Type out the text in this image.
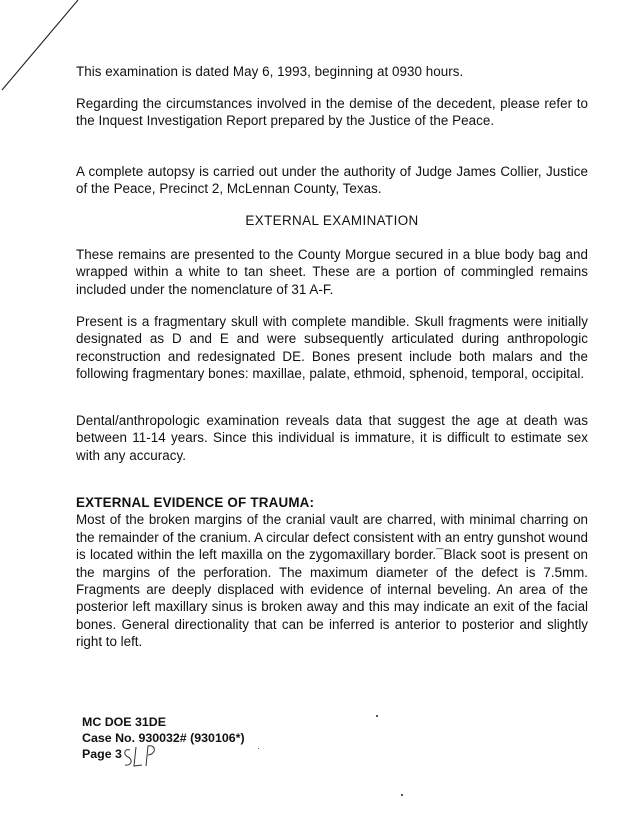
This examination is dated May 6, 1993, beginning at 0930 hours.
Regarding the circumstances involved in the demise of the decedent, please refer to the Inquest Investigation Report prepared by the Justice of the Peace.
A complete autopsy is carried out under the authority of Judge James Collier, Justice of the Peace, Precinct 2, McLennan County, Texas.
EXTERNAL EXAMINATION
These remains are presented to the County Morgue secured in a blue body bag and wrapped within a white to tan sheet. These are a portion of commingled remains included under the nomenclature of 31 A-F.
Present is a fragmentary skull with complete mandible. Skull fragments were initially designated as D and E and were subsequently articulated during anthropologic reconstruction and redesignated DE. Bones present include both malars and the following fragmentary bones: maxillae, palate, ethmoid, sphenoid, temporal, occipital.
Dental/anthropologic examination reveals data that suggest the age at death was between 11-14 years. Since this individual is immature, it is difficult to estimate sex with any accuracy.
EXTERNAL EVIDENCE OF TRAUMA:
Most of the broken margins of the cranial vault are charred, with minimal charring on the remainder of the cranium. A circular defect consistent with an entry gunshot wound is located within the left maxilla on the zygomaxillary border.¯Black soot is present on the margins of the perforation. The maximum diameter of the defect is 7.5mm. Fragments are deeply displaced with evidence of internal beveling. An area of the posterior left maxillary sinus is broken away and this may indicate an exit of the facial bones. General directionality that can be inferred is anterior to posterior and slightly right to left.
MC DOE 31DE
Case No. 930032# (930106*)
Page 3
